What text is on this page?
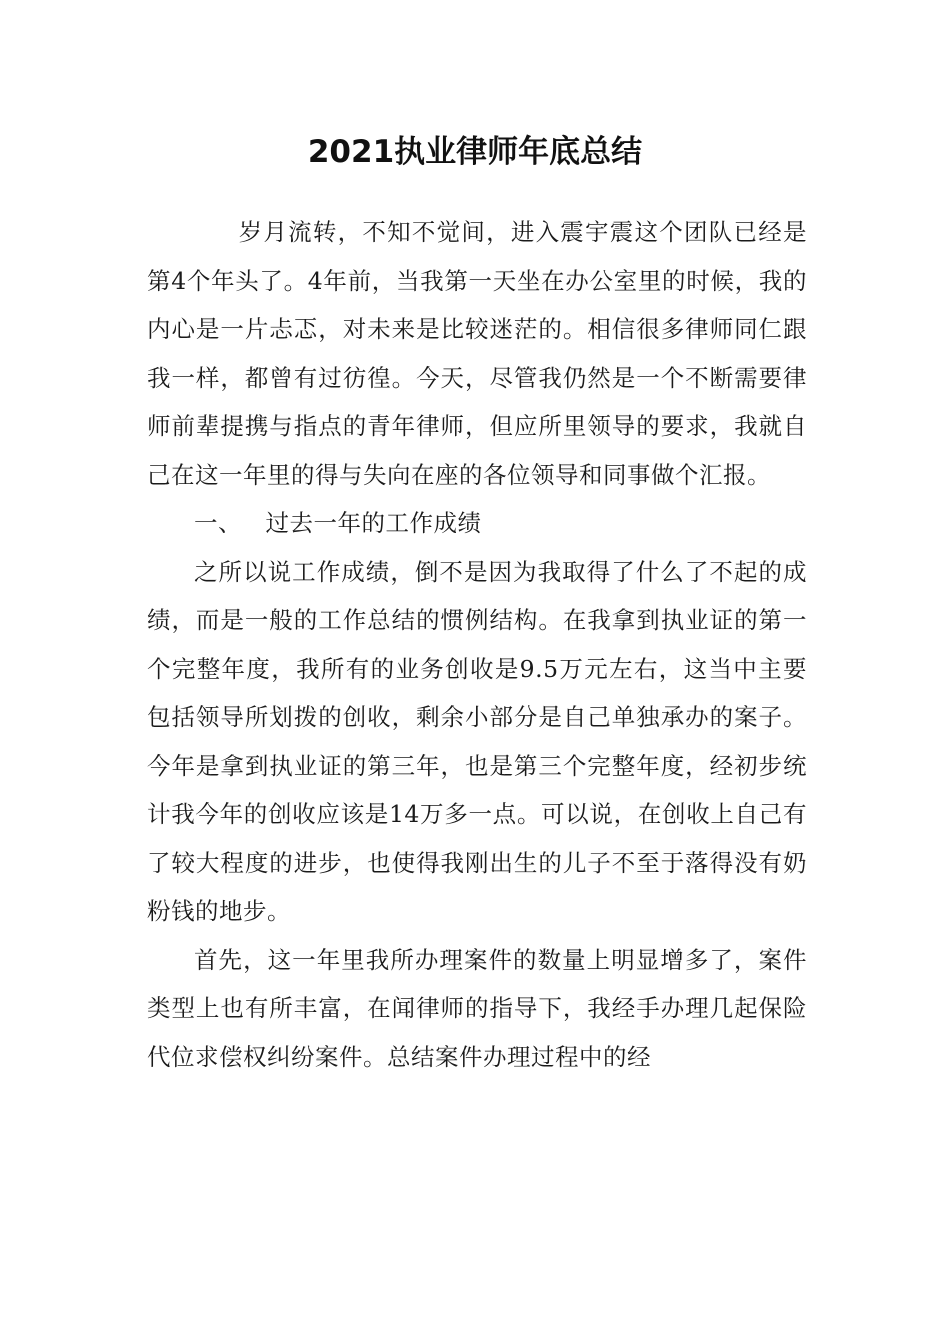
2021执业律师年底总结

岁月流转，不知不觉间，进入震宇震这个团队已经是第4个年头了。4年前，当我第一天坐在办公室里的时候，我的内心是一片忐忑，对未来是比较迷茫的。相信很多律师同仁跟我一样，都曾有过彷徨。今天，尽管我仍然是一个不断需要律师前辈提携与指点的青年律师，但应所里领导的要求，我就自己在这一年里的得与失向在座的各位领导和同事做个汇报。

一、 过去一年的工作成绩

之所以说工作成绩，倒不是因为我取得了什么了不起的成绩，而是一般的工作总结的惯例结构。在我拿到执业证的第一个完整年度，我所有的业务创收是9.5万元左右，这当中主要包括领导所划拨的创收，剩余小部分是自己单独承办的案子。今年是拿到执业证的第三年，也是第三个完整年度，经初步统计我今年的创收应该是14万多一点。可以说，在创收上自己有了较大程度的进步，也使得我刚出生的儿子不至于落得没有奶粉钱的地步。

首先，这一年里我所办理案件的数量上明显增多了，案件类型上也有所丰富，在闻律师的指导下，我经手办理几起保险代位求偿权纠纷案件。总结案件办理过程中的经
